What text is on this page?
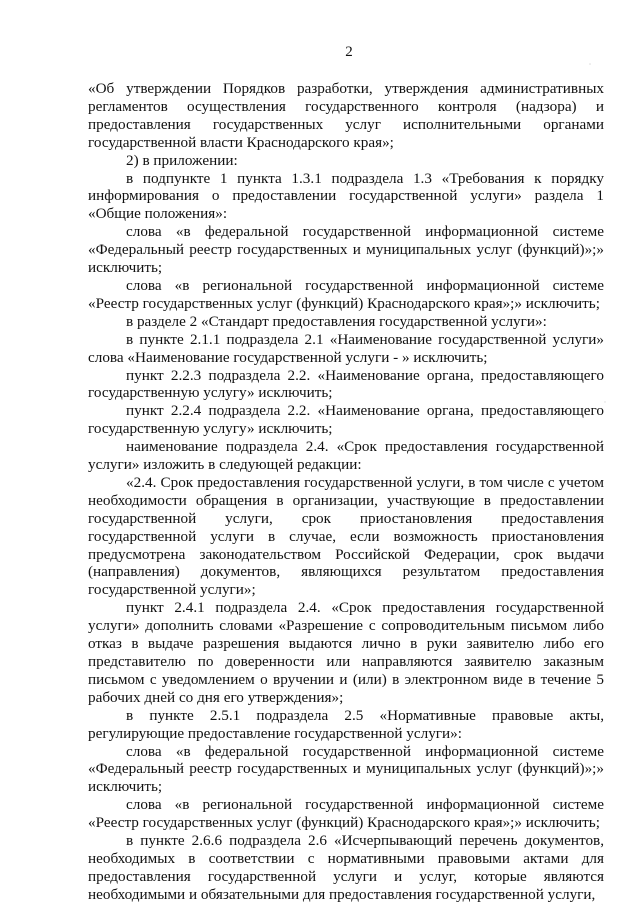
2

«Об утверждении Порядков разработки, утверждения административных регламентов осуществления государственного контроля (надзора) и предоставления государственных услуг исполнительными органами государственной власти Краснодарского края»;

2) в приложении:

в подпункте 1 пункта 1.3.1 подраздела 1.3 «Требования к порядку информирования о предоставлении государственной услуги» раздела 1 «Общие положения»:

слова «в федеральной государственной информационной системе «Федеральный реестр государственных и муниципальных услуг (функций)»;» исключить;

слова «в региональной государственной информационной системе «Реестр государственных услуг (функций) Краснодарского края»;» исключить;

в разделе 2 «Стандарт предоставления государственной услуги»:

в пункте 2.1.1 подраздела 2.1 «Наименование государственной услуги» слова «Наименование государственной услуги - » исключить;

пункт 2.2.3 подраздела 2.2. «Наименование органа, предоставляющего государственную услугу» исключить;

пункт 2.2.4 подраздела 2.2. «Наименование органа, предоставляющего государственную услугу» исключить;

наименование подраздела 2.4. «Срок предоставления государственной услуги» изложить в следующей редакции:

«2.4. Срок предоставления государственной услуги, в том числе с учетом необходимости обращения в организации, участвующие в предоставлении государственной услуги, срок приостановления предоставления государственной услуги в случае, если возможность приостановления предусмотрена законодательством Российской Федерации, срок выдачи (направления) документов, являющихся результатом предоставления государственной услуги»;

пункт 2.4.1 подраздела 2.4. «Срок предоставления государственной услуги» дополнить словами «Разрешение с сопроводительным письмом либо отказ в выдаче разрешения выдаются лично в руки заявителю либо его представителю по доверенности или направляются заявителю заказным письмом с уведомлением о вручении и (или) в электронном виде в течение 5 рабочих дней со дня его утверждения»;

в пункте 2.5.1 подраздела 2.5 «Нормативные правовые акты, регулирующие предоставление государственной услуги»:

слова «в федеральной государственной информационной системе «Федеральный реестр государственных и муниципальных услуг (функций)»;» исключить;

слова «в региональной государственной информационной системе «Реестр государственных услуг (функций) Краснодарского края»;» исключить;

в пункте 2.6.6 подраздела 2.6 «Исчерпывающий перечень документов, необходимых в соответствии с нормативными правовыми актами для предоставления государственной услуги и услуг, которые являются необходимыми и обязательными для предоставления государственной услуги,
